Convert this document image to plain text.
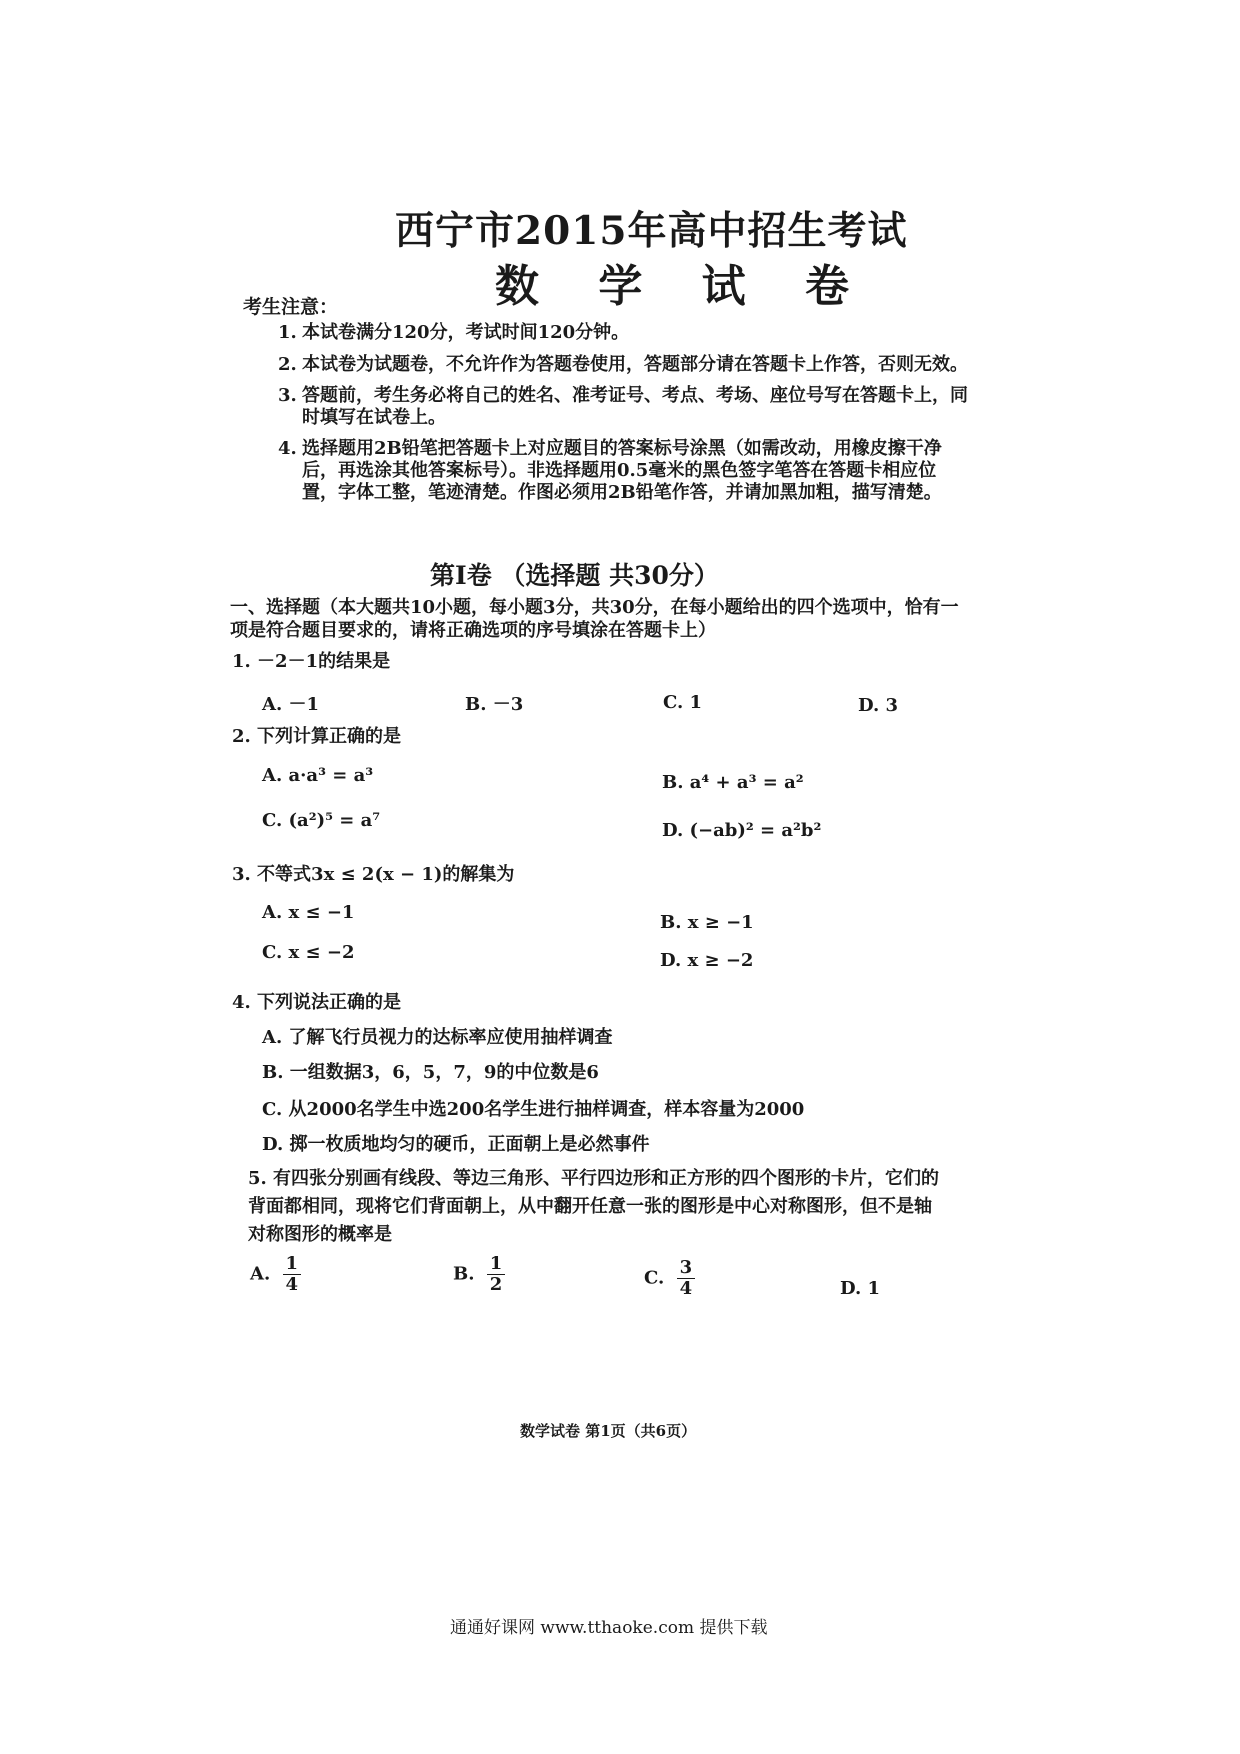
西宁市2015年高中招生考试
数 学 试 卷
考生注意：
1. 本试卷满分120分，考试时间120分钟。
2. 本试卷为试题卷，不允许作为答题卷使用，答题部分请在答题卡上作答，否则无效。
3. 答题前，考生务必将自己的姓名、准考证号、考点、考场、座位号写在答题卡上，同时填写在试卷上。
4. 选择题用2B铅笔把答题卡上对应题目的答案标号涂黑（如需改动，用橡皮擦干净后，再选涂其他答案标号）。非选择题用0.5毫米的黑色签字笔答在答题卡相应位置，字体工整，笔迹清楚。作图必须用2B铅笔作答，并请加黑加粗，描写清楚。
第Ⅰ卷 （选择题 共30分）
一、选择题（本大题共10小题，每小题3分，共30分，在每小题给出的四个选项中，恰有一项是符合题目要求的，请将正确选项的序号填涂在答题卡上）
1. －2－1的结果是
A. －1	B. －3	C. 1	D. 3
2. 下列计算正确的是
A. a·a³ = a³	B. a⁴ + a³ = a²
C. (a²)⁵ = a⁷	D. (−ab)² = a²b²
3. 不等式3x ≤ 2(x − 1)的解集为
A. x ≤ −1	B. x ≥ −1
C. x ≤ −2	D. x ≥ −2
4. 下列说法正确的是
A. 了解飞行员视力的达标率应使用抽样调查
B. 一组数据3，6，5，7，9的中位数是6
C. 从2000名学生中选200名学生进行抽样调查，样本容量为2000
D. 掷一枚质地均匀的硬币，正面朝上是必然事件
5. 有四张分别画有线段、等边三角形、平行四边形和正方形的四个图形的卡片，它们的背面都相同，现将它们背面朝上，从中翻开任意一张的图形是中心对称图形，但不是轴对称图形的概率是
A. $\frac{1}{4}$	B. $\frac{1}{2}$	C. $\frac{3}{4}$	D. 1
数学试卷 第1页（共6页）
通通好课网 www.tthaoke.com 提供下载
